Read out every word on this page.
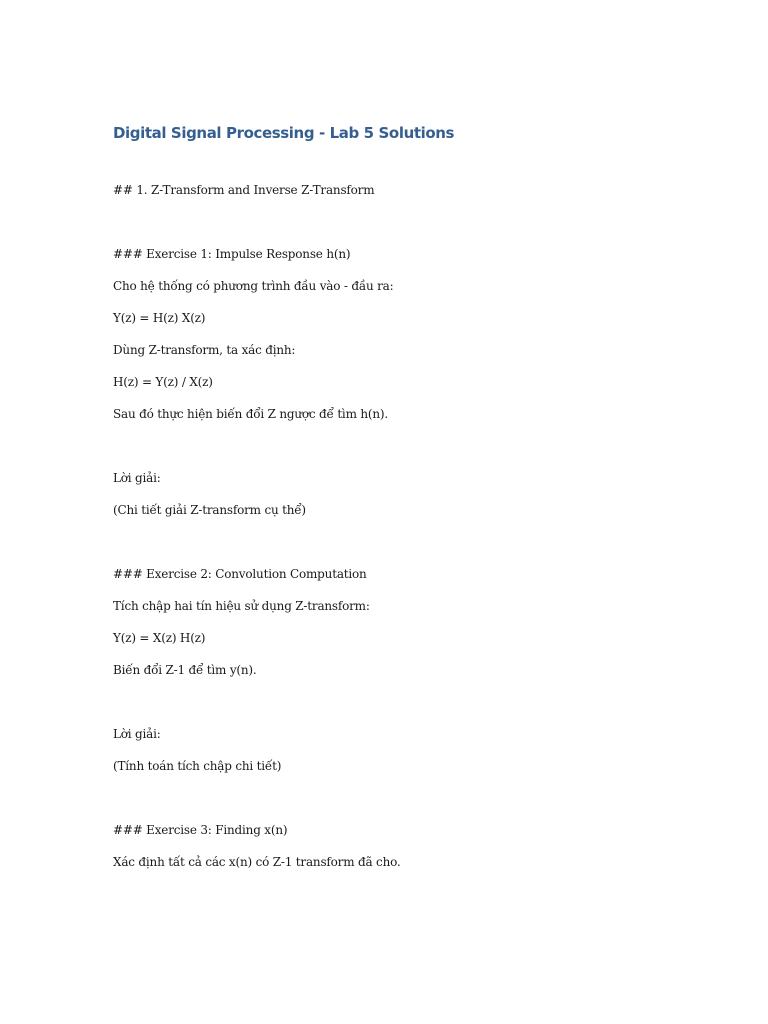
Digital Signal Processing - Lab 5 Solutions

## 1. Z-Transform and Inverse Z-Transform

### Exercise 1: Impulse Response h(n)

Cho hệ thống có phương trình đầu vào - đầu ra:

Y(z) = H(z) X(z)

Dùng Z-transform, ta xác định:

H(z) = Y(z) / X(z)

Sau đó thực hiện biến đổi Z ngược để tìm h(n).

Lời giải:

(Chi tiết giải Z-transform cụ thể)

### Exercise 2: Convolution Computation

Tích chập hai tín hiệu sử dụng Z-transform:

Y(z) = X(z) H(z)

Biến đổi Z-1 để tìm y(n).

Lời giải:

(Tính toán tích chập chi tiết)

### Exercise 3: Finding x(n)

Xác định tất cả các x(n) có Z-1 transform đã cho.
